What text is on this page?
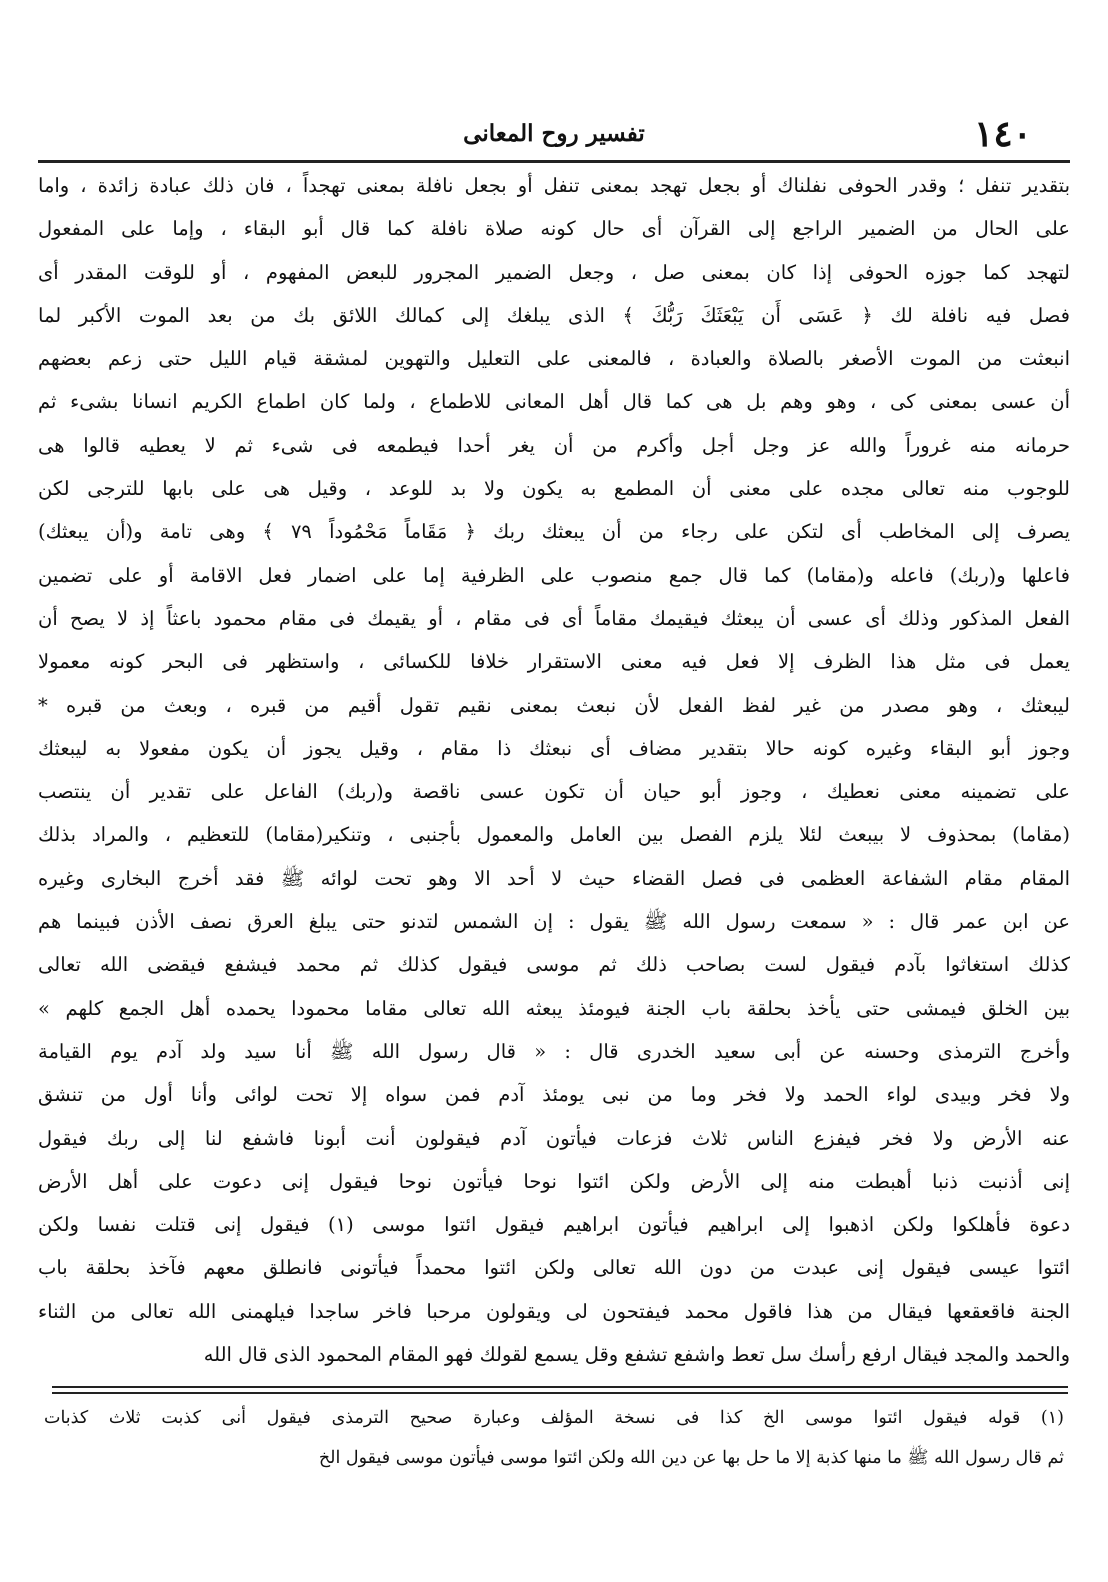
١٤٠
تفسير روح المعانى
بتقدير تنفل ؛ وقدر الحوفى نفلناك أو بجعل تهجد بمعنى تنفل أو بجعل نافلة بمعنى تهجداً ، فان ذلك عبادة زائدة ، واما
على الحال من الضمير الراجع إلى القرآن أى حال كونه صلاة نافلة كما قال أبو البقاء ، وإما على المفعول
لتهجد كما جوزه الحوفى إذا كان بمعنى صل ، وجعل الضمير المجرور للبعض المفهوم ، أو للوقت المقدر أى
فصل فيه نافلة لك ﴿ عَسَى أَن يَبْعَثَكَ رَبُّكَ ﴾ الذى يبلغك إلى كمالك اللائق بك من بعد الموت الأكبر لما
انبعثت من الموت الأصغر بالصلاة والعبادة ، فالمعنى على التعليل والتهوين لمشقة قيام الليل حتى زعم بعضهم
أن عسى بمعنى كى ، وهو وهم بل هى كما قال أهل المعانى للاطماع ، ولما كان اطماع الكريم انسانا بشىء ثم
حرمانه منه غروراً والله عز وجل أجل وأكرم من أن يغر أحدا فيطمعه فى شىء ثم لا يعطيه قالوا هى
للوجوب منه تعالى مجده على معنى أن المطمع به يكون ولا بد للوعد ، وقيل هى على بابها للترجى لكن
يصرف إلى المخاطب أى لتكن على رجاء من أن يبعثك ربك ﴿ مَقَاماً مَحْمُوداً ٧٩ ﴾ وهى تامة و(أن يبعثك)
فاعلها و(ربك) فاعله و(مقاما) كما قال جمع منصوب على الظرفية إما على اضمار فعل الاقامة أو على تضمين
الفعل المذكور وذلك أى عسى أن يبعثك فيقيمك مقاماً أى فى مقام ، أو يقيمك فى مقام محمود باعثاً إذ لا يصح أن
يعمل فى مثل هذا الظرف إلا فعل فيه معنى الاستقرار خلافا للكسائى ، واستظهر فى البحر كونه معمولا
ليبعثك ، وهو مصدر من غير لفظ الفعل لأن نبعث بمعنى نقيم تقول أقيم من قبره ، وبعث من قبره *
وجوز أبو البقاء وغيره كونه حالا بتقدير مضاف أى نبعثك ذا مقام ، وقيل يجوز أن يكون مفعولا به ليبعثك
على تضمينه معنى نعطيك ، وجوز أبو حيان أن تكون عسى ناقصة و(ربك) الفاعل على تقدير أن ينتصب
(مقاما) بمحذوف لا بيبعث لئلا يلزم الفصل بين العامل والمعمول بأجنبى ، وتنكير(مقاما) للتعظيم ، والمراد بذلك
المقام مقام الشفاعة العظمى فى فصل القضاء حيث لا أحد الا وهو تحت لوائه ﷺ فقد أخرج البخارى وغيره
عن ابن عمر قال : « سمعت رسول الله ﷺ يقول : إن الشمس لتدنو حتى يبلغ العرق نصف الأذن فبينما هم
كذلك استغاثوا بآدم فيقول لست بصاحب ذلك ثم موسى فيقول كذلك ثم محمد فيشفع فيقضى الله تعالى
بين الخلق فيمشى حتى يأخذ بحلقة باب الجنة فيومئذ يبعثه الله تعالى مقاما محمودا يحمده أهل الجمع كلهم »
وأخرج الترمذى وحسنه عن أبى سعيد الخدرى قال : « قال رسول الله ﷺ أنا سيد ولد آدم يوم القيامة
ولا فخر وبيدى لواء الحمد ولا فخر وما من نبى يومئذ آدم فمن سواه إلا تحت لوائى وأنا أول من تنشق
عنه الأرض ولا فخر فيفزع الناس ثلاث فزعات فيأتون آدم فيقولون أنت أبونا فاشفع لنا إلى ربك فيقول
إنى أذنبت ذنبا أهبطت منه إلى الأرض ولكن ائتوا نوحا فيأتون نوحا فيقول إنى دعوت على أهل الأرض
دعوة فأهلكوا ولكن اذهبوا إلى ابراهيم فيأتون ابراهيم فيقول ائتوا موسى (١) فيقول إنى قتلت نفسا ولكن
ائتوا عيسى فيقول إنى عبدت من دون الله تعالى ولكن ائتوا محمداً فيأتونى فانطلق معهم فآخذ بحلقة باب
الجنة فاقعقعها فيقال من هذا فاقول محمد فيفتحون لى ويقولون مرحبا فاخر ساجدا فيلهمنى الله تعالى من الثناء
والحمد والمجد فيقال ارفع رأسك سل تعط واشفع تشفع وقل يسمع لقولك فهو المقام المحمود الذى قال الله
(١) قوله فيقول ائتوا موسى الخ كذا فى نسخة المؤلف وعبارة صحيح الترمذى فيقول أنى كذبت ثلاث كذبات
ثم قال رسول الله ﷺ ما منها كذبة إلا ما حل بها عن دين الله ولكن ائتوا موسى فيأتون موسى فيقول الخ
